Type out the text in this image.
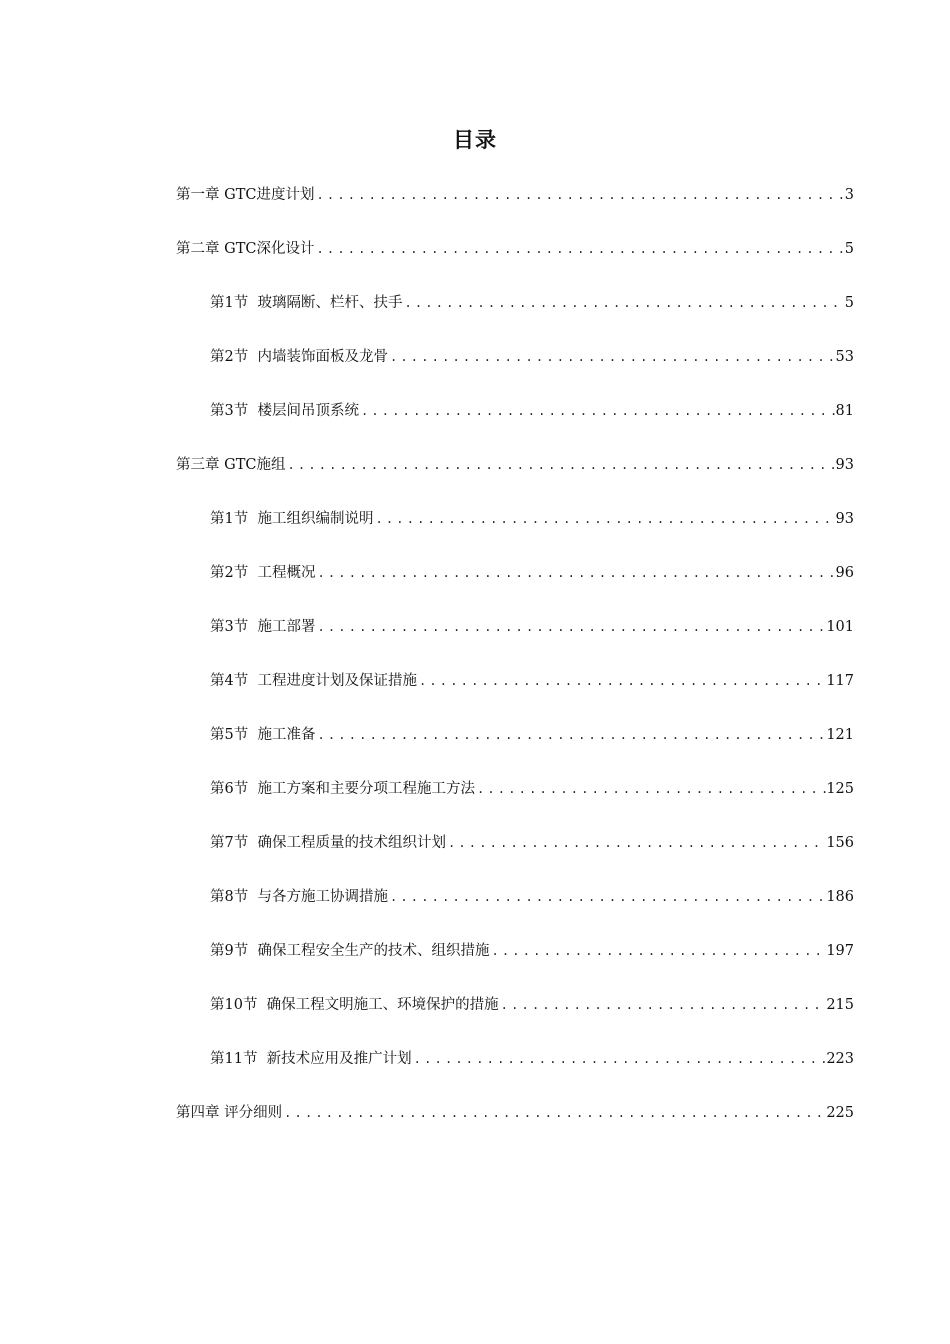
目录
第一章 GTC进度计划 .....	3
第二章 GTC深化设计 .....	5
第1节  玻璃隔断、栏杆、扶手 .....	5
第2节  内墙装饰面板及龙骨 .....	53
第3节  楼层间吊顶系统 .....	81
第三章 GTC施组 .....	93
第1节  施工组织编制说明 .....	93
第2节  工程概况 .....	96
第3节  施工部署 .....	101
第4节  工程进度计划及保证措施 .....	117
第5节  施工准备 .....	121
第6节  施工方案和主要分项工程施工方法 .....	125
第7节  确保工程质量的技术组织计划 .....	156
第8节  与各方施工协调措施 .....	186
第9节  确保工程安全生产的技术、组织措施 .....	197
第10节  确保工程文明施工、环境保护的措施 .....	215
第11节  新技术应用及推广计划 .....	223
第四章 评分细则 .....	225
